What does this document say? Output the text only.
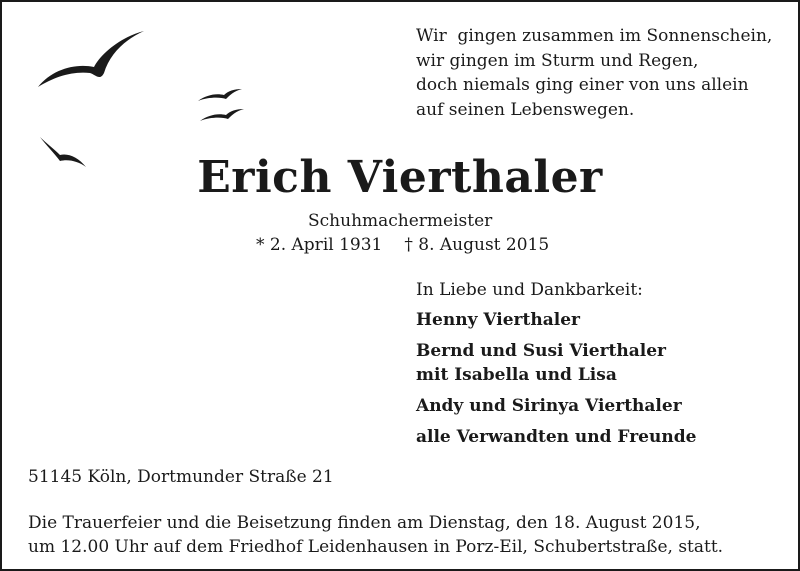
Wir  gingen zusammen im Sonnenschein,
wir gingen im Sturm und Regen,
doch niemals ging einer von uns allein
auf seinen Lebenswegen.
Erich Vierthaler
Schuhmachermeister
* 2. April 1931 † 8. August 2015
In Liebe und Dankbarkeit:
Henny Vierthaler
Bernd und Susi Vierthaler
mit Isabella und Lisa
Andy und Sirinya Vierthaler
alle Verwandten und Freunde
51145 Köln, Dortmunder Straße 21
Die Trauerfeier und die Beisetzung finden am Dienstag, den 18. August 2015,
um 12.00 Uhr auf dem Friedhof Leidenhausen in Porz-Eil, Schubertstraße, statt.
